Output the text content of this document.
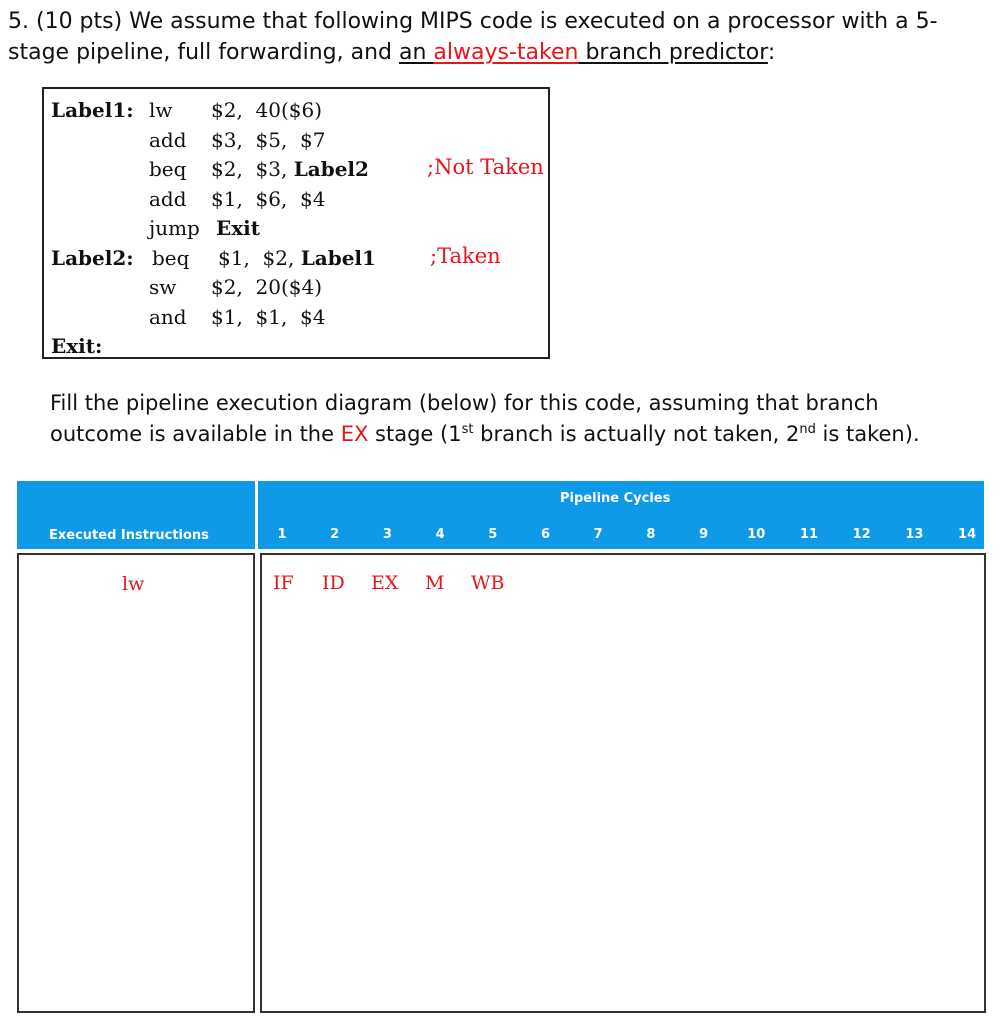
5. (10 pts) We assume that following MIPS code is executed on a processor with a 5-stage pipeline, full forwarding, and an always-taken branch predictor:

Label1: lw $2,  40($6)
add $3,  $5,  $7
beq $2,  $3, Label2	;Not Taken
add $1,  $6,  $4
jump Exit
Label2: beq $1,  $2, Label1	;Taken
sw $2,  20($4)
and $1,  $1,  $4
Exit:

Fill the pipeline execution diagram (below) for this code, assuming that branch
outcome is available in the EX stage (1st branch is actually not taken, 2nd is taken).

Executed Instructions
Pipeline Cycles
1	2	3	4	5	6	7	8	9	10	11	12	13	14
lw	IF ID EX M WB
